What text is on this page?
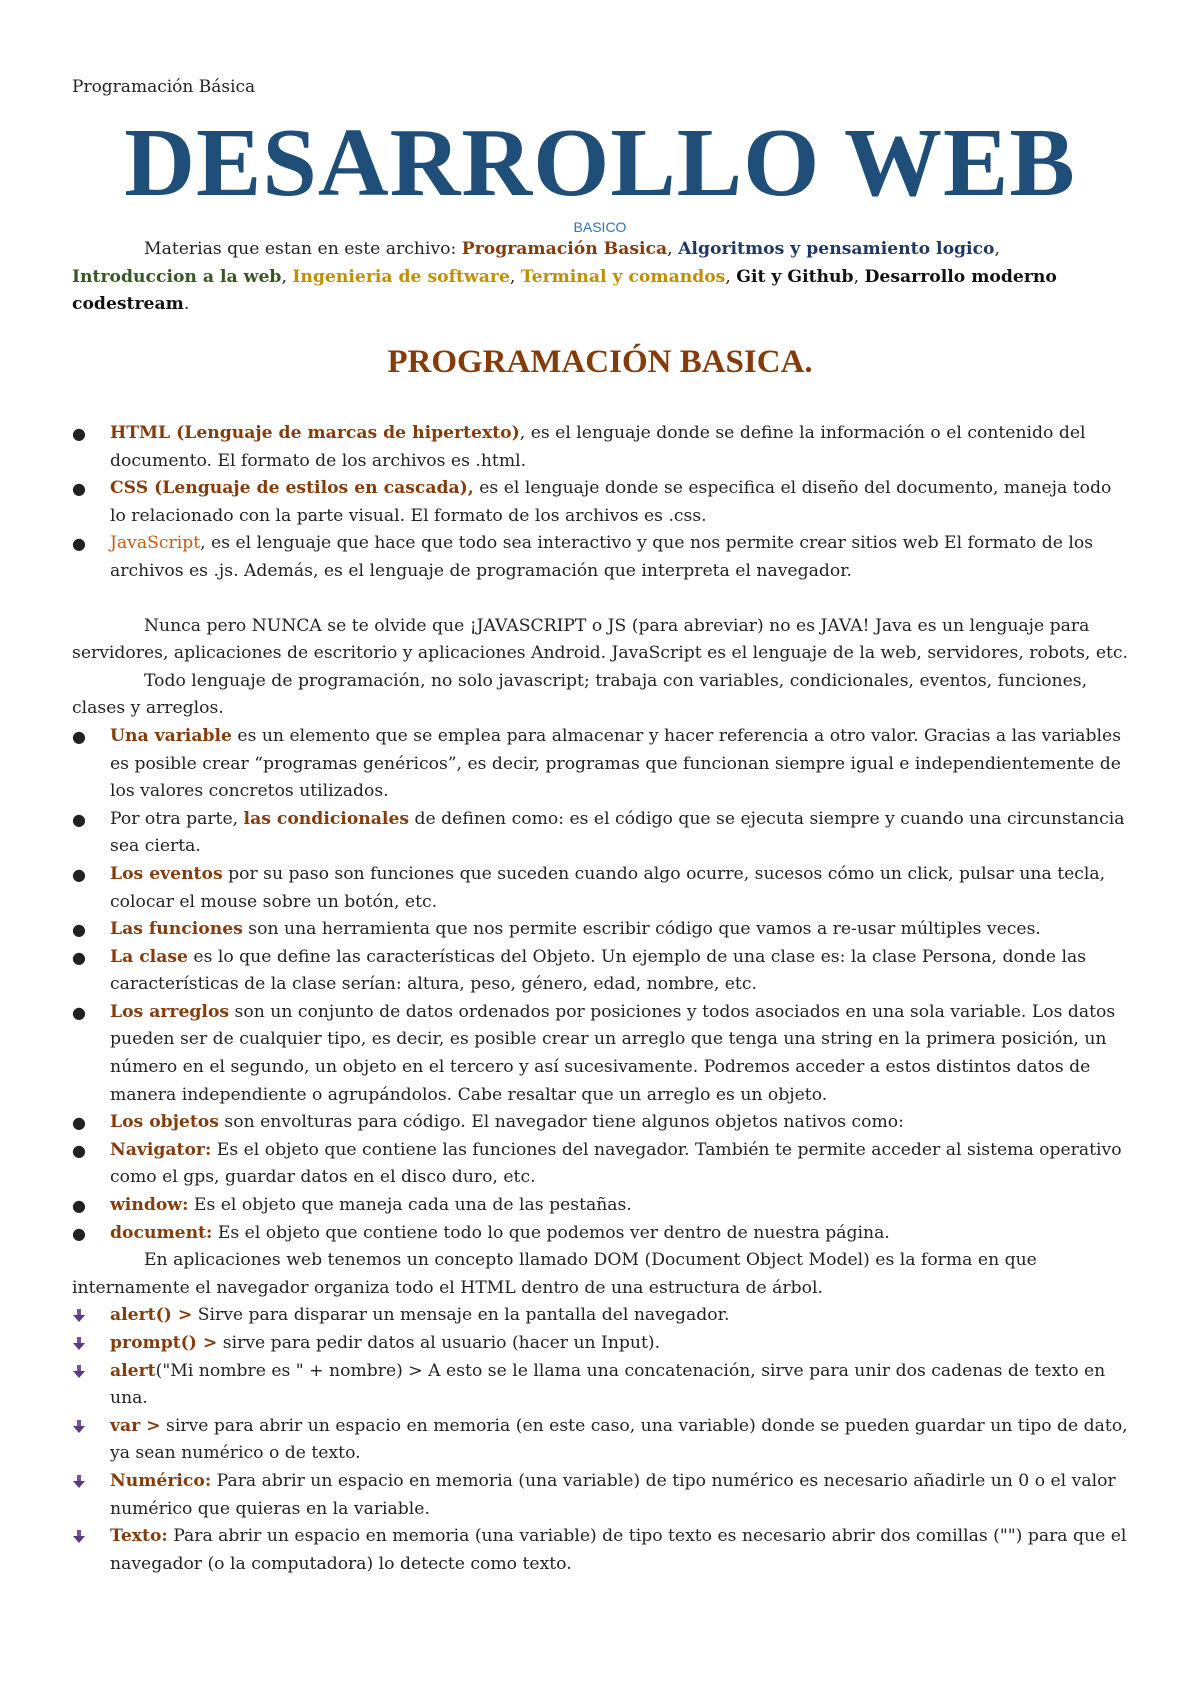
Programación Básica
DESARROLLO WEB
BASICO
Materias que estan en este archivo: Programación Basica, Algoritmos y pensamiento logico, Introduccion a la web, Ingenieria de software, Terminal y comandos, Git y Github, Desarrollo moderno codestream.
PROGRAMACIÓN BASICA.
● HTML (Lenguaje de marcas de hipertexto), es el lenguaje donde se define la información o el contenido del documento. El formato de los archivos es .html.
● CSS (Lenguaje de estilos en cascada), es el lenguaje donde se especifica el diseño del documento, maneja todo lo relacionado con la parte visual. El formato de los archivos es .css.
● JavaScript, es el lenguaje que hace que todo sea interactivo y que nos permite crear sitios web El formato de los archivos es .js. Además, es el lenguaje de programación que interpreta el navegador.
Nunca pero NUNCA se te olvide que ¡JAVASCRIPT o JS (para abreviar) no es JAVA! Java es un lenguaje para servidores, aplicaciones de escritorio y aplicaciones Android. JavaScript es el lenguaje de la web, servidores, robots, etc.
Todo lenguaje de programación, no solo javascript; trabaja con variables, condicionales, eventos, funciones, clases y arreglos.
● Una variable es un elemento que se emplea para almacenar y hacer referencia a otro valor. Gracias a las variables es posible crear “programas genéricos”, es decir, programas que funcionan siempre igual e independientemente de los valores concretos utilizados.
● Por otra parte, las condicionales de definen como: es el código que se ejecuta siempre y cuando una circunstancia sea cierta.
● Los eventos por su paso son funciones que suceden cuando algo ocurre, sucesos cómo un click, pulsar una tecla, colocar el mouse sobre un botón, etc.
● Las funciones son una herramienta que nos permite escribir código que vamos a re-usar múltiples veces.
● La clase es lo que define las características del Objeto. Un ejemplo de una clase es: la clase Persona, donde las características de la clase serían: altura, peso, género, edad, nombre, etc.
● Los arreglos son un conjunto de datos ordenados por posiciones y todos asociados en una sola variable. Los datos pueden ser de cualquier tipo, es decir, es posible crear un arreglo que tenga una string en la primera posición, un número en el segundo, un objeto en el tercero y así sucesivamente. Podremos acceder a estos distintos datos de manera independiente o agrupándolos. Cabe resaltar que un arreglo es un objeto.
● Los objetos son envolturas para código. El navegador tiene algunos objetos nativos como:
● Navigator: Es el objeto que contiene las funciones del navegador. También te permite acceder al sistema operativo como el gps, guardar datos en el disco duro, etc.
● window: Es el objeto que maneja cada una de las pestañas.
● document: Es el objeto que contiene todo lo que podemos ver dentro de nuestra página.
En aplicaciones web tenemos un concepto llamado DOM (Document Object Model) es la forma en que internamente el navegador organiza todo el HTML dentro de una estructura de árbol.
alert() > Sirve para disparar un mensaje en la pantalla del navegador.
prompt() > sirve para pedir datos al usuario (hacer un Input).
alert("Mi nombre es " + nombre) > A esto se le llama una concatenación, sirve para unir dos cadenas de texto en una.
var > sirve para abrir un espacio en memoria (en este caso, una variable) donde se pueden guardar un tipo de dato, ya sean numérico o de texto.
Numérico: Para abrir un espacio en memoria (una variable) de tipo numérico es necesario añadirle un 0 o el valor numérico que quieras en la variable.
Texto: Para abrir un espacio en memoria (una variable) de tipo texto es necesario abrir dos comillas ("") para que el navegador (o la computadora) lo detecte como texto.
